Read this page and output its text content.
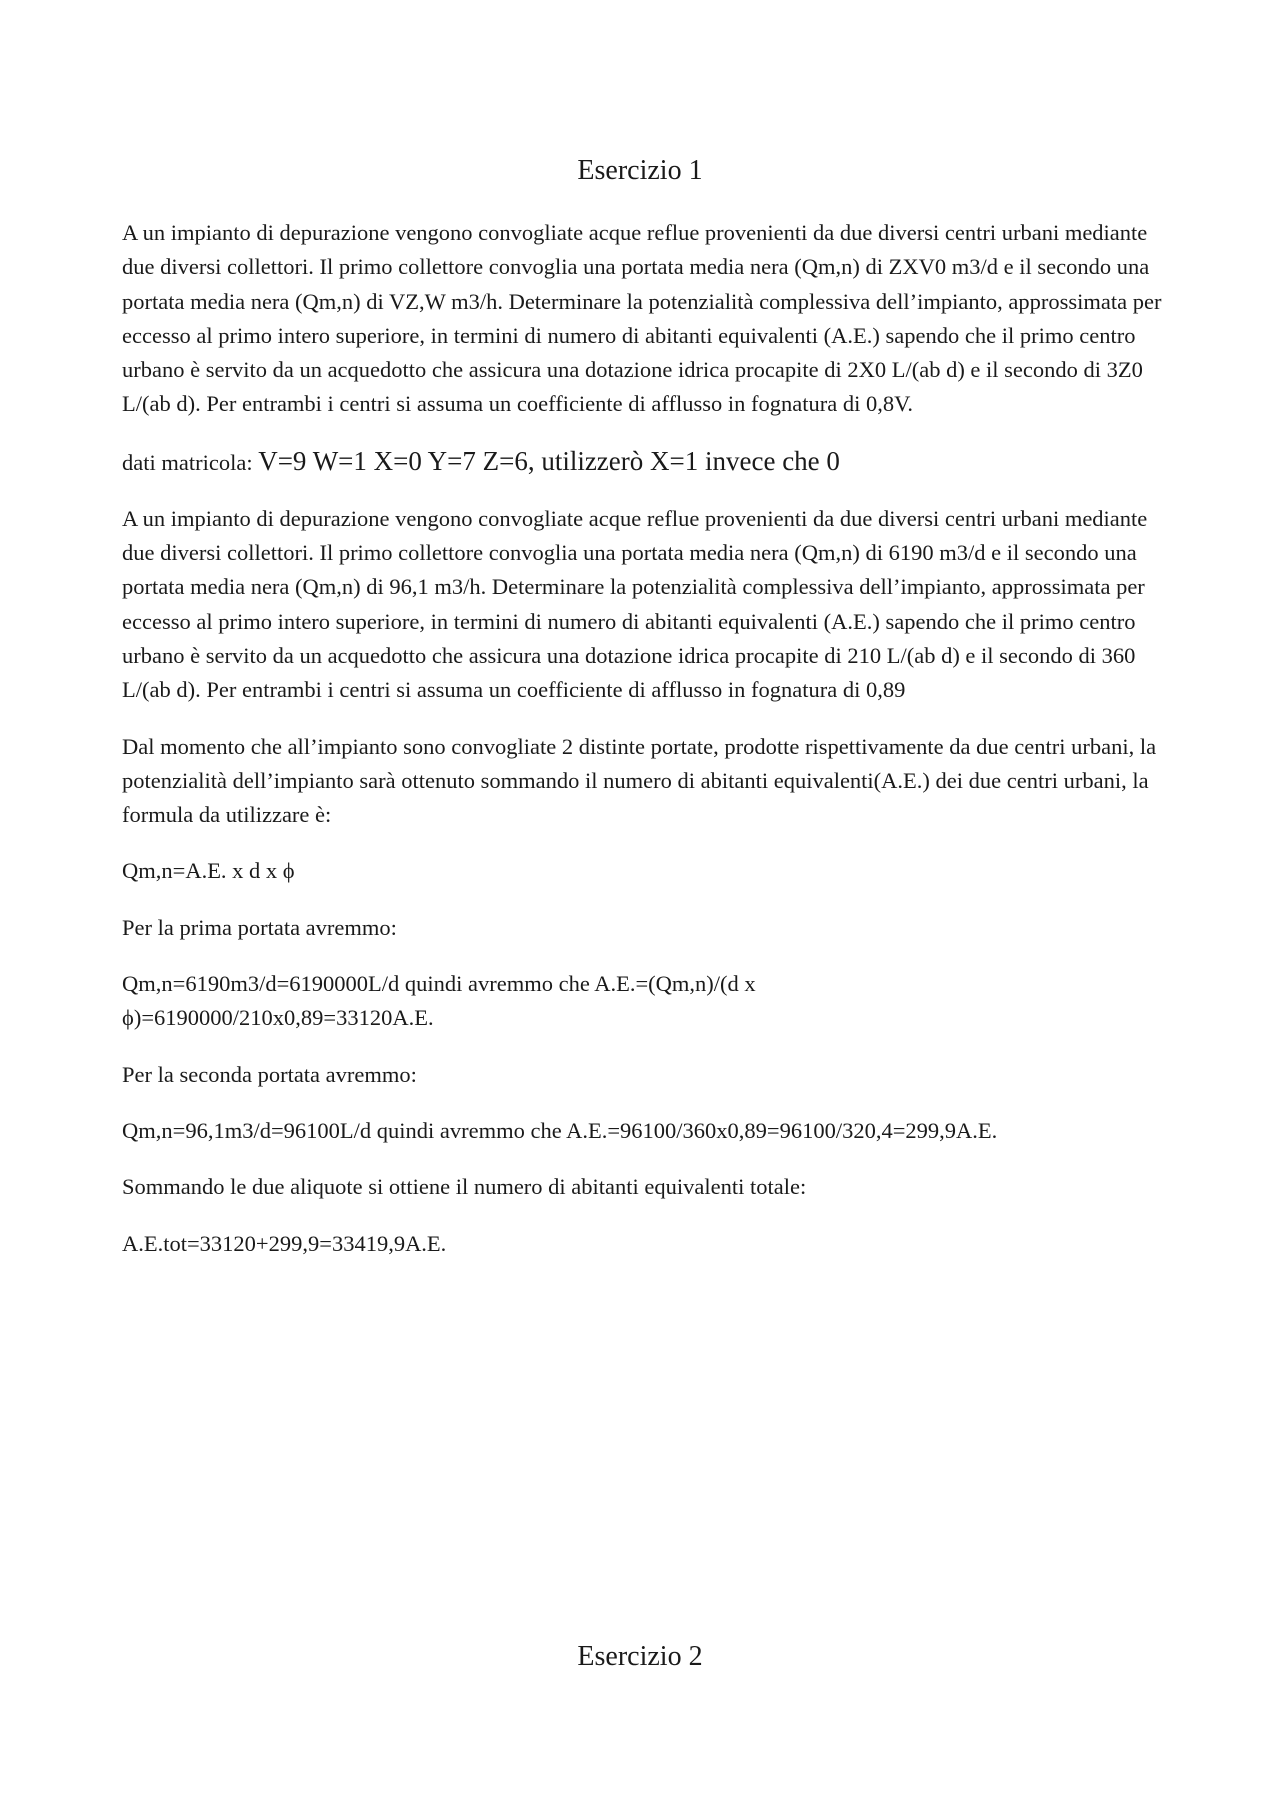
Esercizio 1

A un impianto di depurazione vengono convogliate acque reflue provenienti da due diversi centri urbani mediante due diversi collettori. Il primo collettore convoglia una portata media nera (Qm,n) di ZXV0 m3/d e il secondo una portata media nera (Qm,n) di VZ,W m3/h. Determinare la potenzialità complessiva dell’impianto, approssimata per eccesso al primo intero superiore, in termini di numero di abitanti equivalenti (A.E.) sapendo che il primo centro urbano è servito da un acquedotto che assicura una dotazione idrica procapite di 2X0 L/(ab d) e il secondo di 3Z0 L/(ab d). Per entrambi i centri si assuma un coefficiente di afflusso in fognatura di 0,8V.

dati matricola: V=9 W=1 X=0 Y=7 Z=6, utilizzerò X=1 invece che 0

A un impianto di depurazione vengono convogliate acque reflue provenienti da due diversi centri urbani mediante due diversi collettori. Il primo collettore convoglia una portata media nera (Qm,n) di 6190 m3/d e il secondo una portata media nera (Qm,n) di 96,1 m3/h. Determinare la potenzialità complessiva dell’impianto, approssimata per eccesso al primo intero superiore, in termini di numero di abitanti equivalenti (A.E.) sapendo che il primo centro urbano è servito da un acquedotto che assicura una dotazione idrica procapite di 210 L/(ab d) e il secondo di 360 L/(ab d). Per entrambi i centri si assuma un coefficiente di afflusso in fognatura di 0,89

Dal momento che all’impianto sono convogliate 2 distinte portate, prodotte rispettivamente da due centri urbani, la potenzialità dell’impianto sarà ottenuto sommando il numero di abitanti equivalenti(A.E.) dei due centri urbani, la formula da utilizzare è:

Qm,n=A.E. x d x ϕ

Per la prima portata avremmo:

Qm,n=6190m3/d=6190000L/d quindi avremmo che A.E.=(Qm,n)/(d x
ϕ)=6190000/210x0,89=33120A.E.

Per la seconda portata avremmo:

Qm,n=96,1m3/d=96100L/d quindi avremmo che A.E.=96100/360x0,89=96100/320,4=299,9A.E.

Sommando le due aliquote si ottiene il numero di abitanti equivalenti totale:

A.E.tot=33120+299,9=33419,9A.E.

Esercizio 2
